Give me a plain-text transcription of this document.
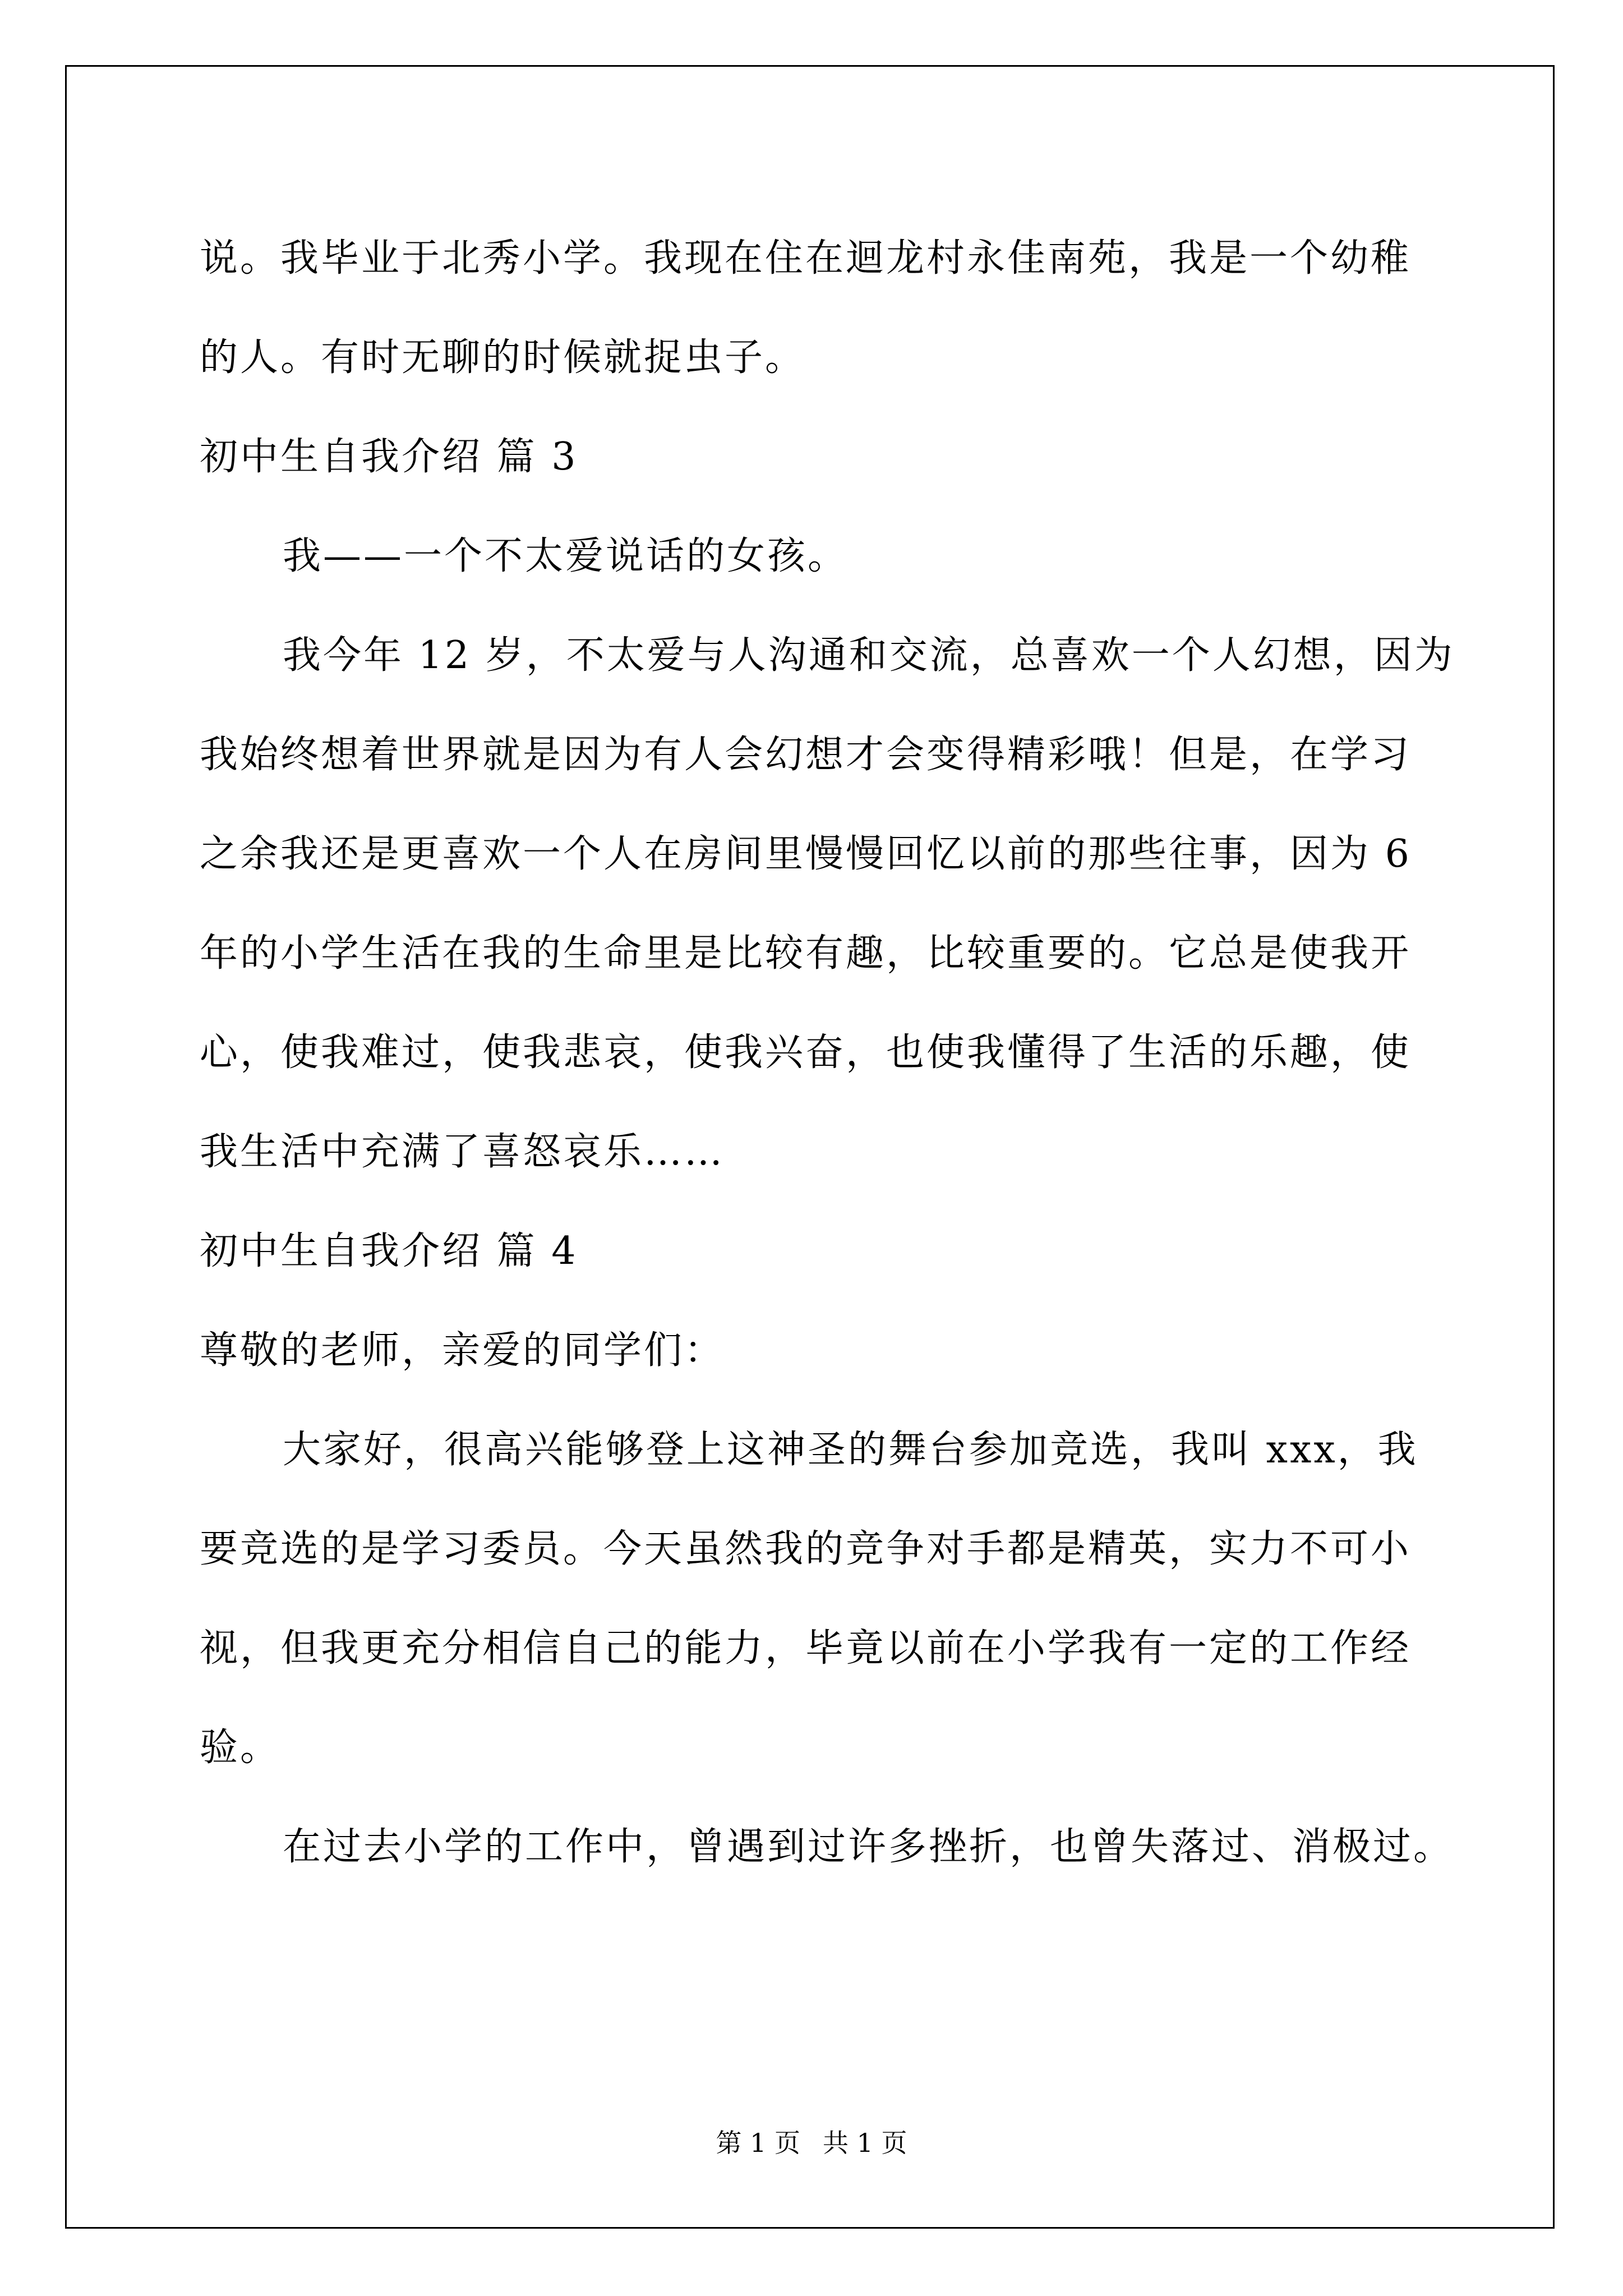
说。我毕业于北秀小学。我现在住在迴龙村永佳南苑，我是一个幼稚
的人。有时无聊的时候就捉虫子。
初中生自我介绍 篇 3
我——一个不太爱说话的女孩。
我今年 12 岁，不太爱与人沟通和交流，总喜欢一个人幻想，因为
我始终想着世界就是因为有人会幻想才会变得精彩哦！但是，在学习
之余我还是更喜欢一个人在房间里慢慢回忆以前的那些往事，因为 6
年的小学生活在我的生命里是比较有趣，比较重要的。它总是使我开
心，使我难过，使我悲哀，使我兴奋，也使我懂得了生活的乐趣，使
我生活中充满了喜怒哀乐……
初中生自我介绍 篇 4
尊敬的老师，亲爱的同学们：
大家好，很高兴能够登上这神圣的舞台参加竞选，我叫 xxx，我
要竞选的是学习委员。今天虽然我的竞争对手都是精英，实力不可小
视，但我更充分相信自己的能力，毕竟以前在小学我有一定的工作经
验。
在过去小学的工作中，曾遇到过许多挫折，也曾失落过、消极过。
第 1 页 共 1 页
